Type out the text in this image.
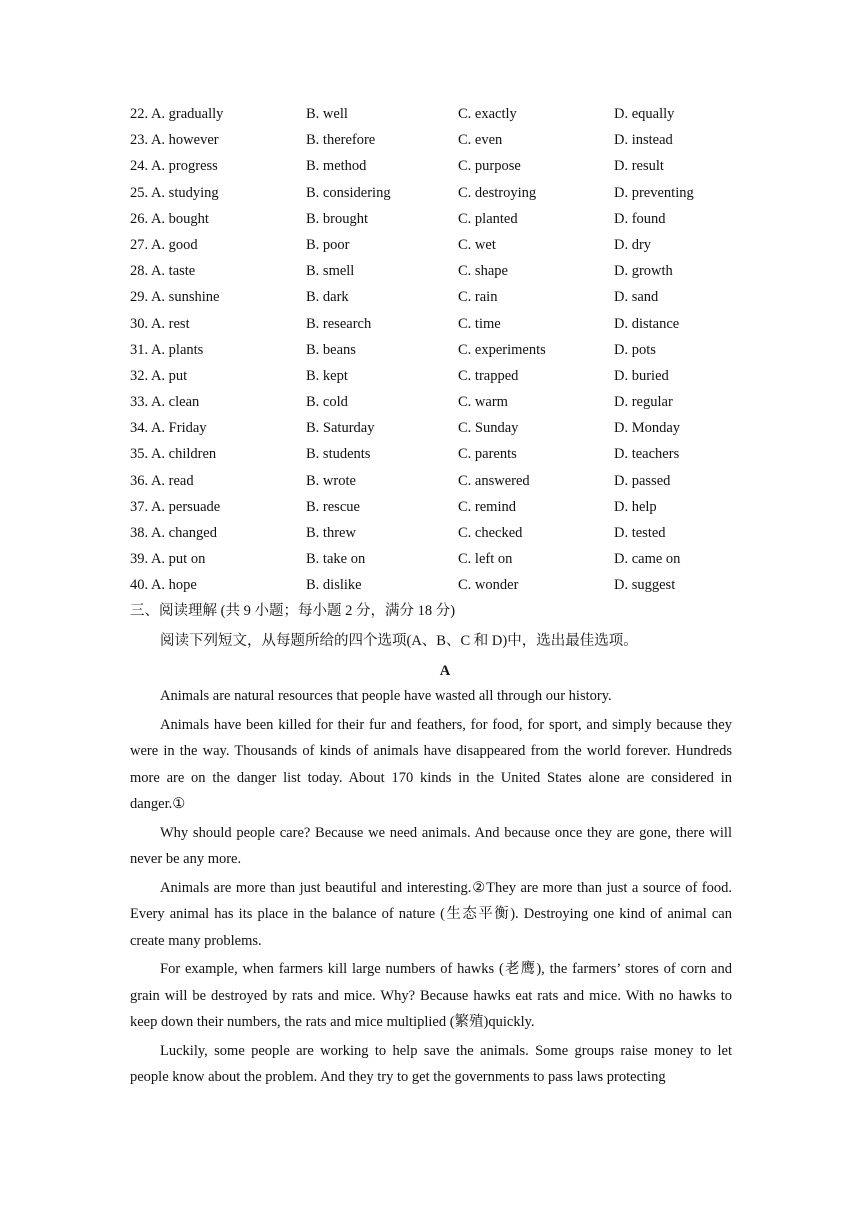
22. A. gradually	B. well	C. exactly	D. equally
23. A. however	B. therefore	C. even	D. instead
24. A. progress	B. method	C. purpose	D. result
25. A. studying	B. considering	C. destroying	D. preventing
26. A. bought	B. brought	C. planted	D. found
27. A. good	B. poor	C. wet	D. dry
28. A. taste	B. smell	C. shape	D. growth
29. A. sunshine	B. dark	C. rain	D. sand
30. A. rest	B. research	C. time	D. distance
31. A. plants	B. beans	C. experiments	D. pots
32. A. put	B. kept	C. trapped	D. buried
33. A. clean	B. cold	C. warm	D. regular
34. A. Friday	B. Saturday	C. Sunday	D. Monday
35. A. children	B. students	C. parents	D. teachers
36. A. read	B. wrote	C. answered	D. passed
37. A. persuade	B. rescue	C. remind	D. help
38. A. changed	B. threw	C. checked	D. tested
39. A. put on	B. take on	C. left on	D. came on
40. A. hope	B. dislike	C. wonder	D. suggest
三、阅读理解 (共 9 小题；每小题 2 分，满分 18 分)
阅读下列短文，从每题所给的四个选项(A、B、C 和 D)中，选出最佳选项。
A

Animals are natural resources that people have wasted all through our history.

Animals have been killed for their fur and feathers, for food, for sport, and simply because they were in the way. Thousands of kinds of animals have disappeared from the world forever. Hundreds more are on the danger list today. About 170 kinds in the United States alone are considered in danger.①

Why should people care? Because we need animals. And because once they are gone, there will never be any more.

Animals are more than just beautiful and interesting.②They are more than just a source of food. Every animal has its place in the balance of nature (生态平衡). Destroying one kind of animal can create many problems.

For example, when farmers kill large numbers of hawks (老鹰), the farmers’ stores of corn and grain will be destroyed by rats and mice. Why? Because hawks eat rats and mice. With no hawks to keep down their numbers, the rats and mice multiplied (繁殖)quickly.

Luckily, some people are working to help save the animals. Some groups raise money to let people know about the problem. And they try to get the governments to pass laws protecting
